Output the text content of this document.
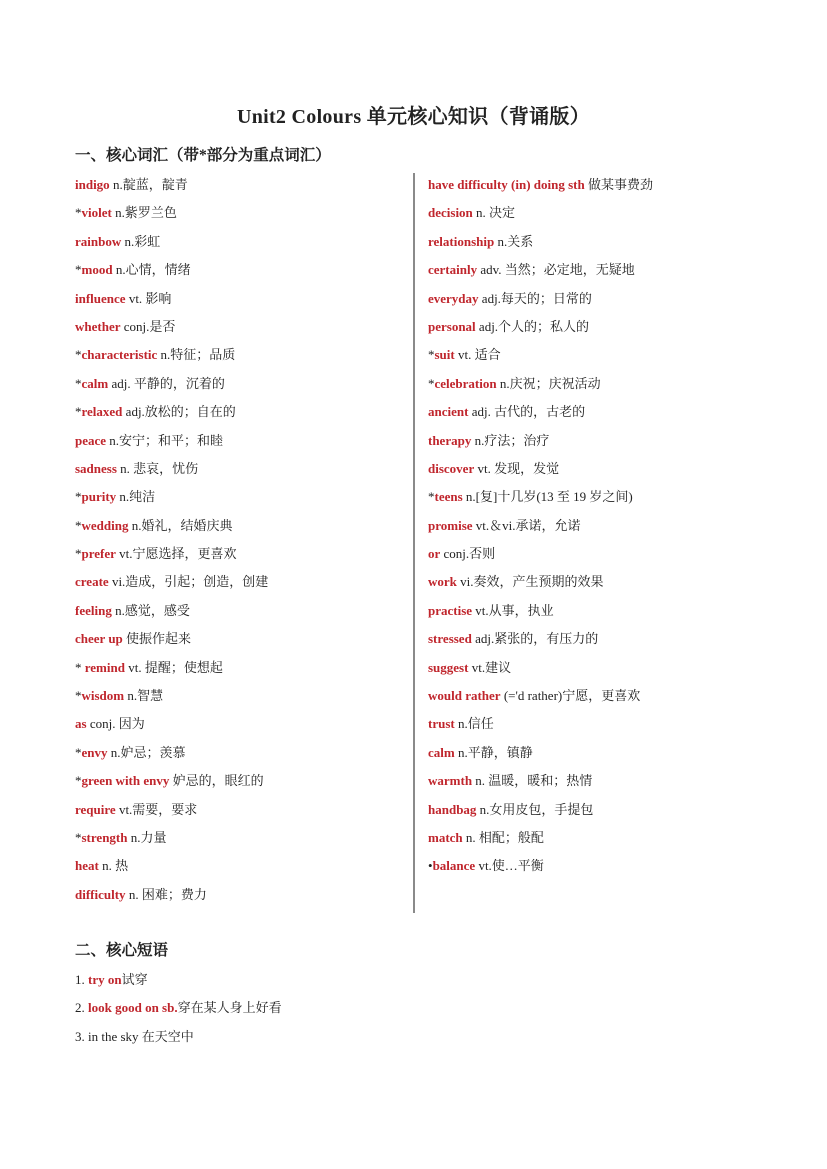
Unit2 Colours 单元核心知识（背诵版）
一、核心词汇（带*部分为重点词汇）
indigo n.靛蓝，靛青
*violet n.紫罗兰色
rainbow n.彩虹
*mood n.心情，情绪
influence vt. 影响
whether conj.是否
*characteristic n.特征；品质
*calm adj. 平静的，沉着的
*relaxed adj.放松的；自在的
peace n.安宁；和平；和睦
sadness n. 悲哀，忧伤
*purity n.纯洁
*wedding n.婚礼，结婚庆典
*prefer vt.宁愿选择，更喜欢
create vi.造成，引起；创造，创建
feeling n.感觉，感受
cheer up 使振作起来
* remind vt. 提醒；使想起
*wisdom n.智慧
as conj. 因为
*envy n.妒忌；羡慕
*green with envy 妒忌的，眼红的
require vt.需要，要求
*strength n.力量
heat n. 热
difficulty n. 困难；费力
have difficulty (in) doing sth 做某事费劲
decision n. 决定
relationship n.关系
certainly adv. 当然；必定地，无疑地
everyday adj.每天的；日常的
personal adj.个人的；私人的
*suit vt. 适合
*celebration n.庆祝；庆祝活动
ancient adj. 古代的，古老的
therapy n.疗法；治疗
discover vt. 发现，发觉
*teens n.[复]十几岁(13 至 19 岁之间)
promise vt.＆vi.承诺，允诺
or conj.否则
work vi.奏效，产生预期的效果
practise vt.从事，执业
stressed adj.紧张的，有压力的
suggest vt.建议
would rather (='d rather)宁愿，更喜欢
trust n.信任
calm n.平静，镇静
warmth n. 温暖，暖和；热情
handbag n.女用皮包，手提包
match n. 相配；般配
•balance vt.使…平衡
二、核心短语
1. try on试穿
2. look good on sb.穿在某人身上好看
3. in the sky 在天空中
